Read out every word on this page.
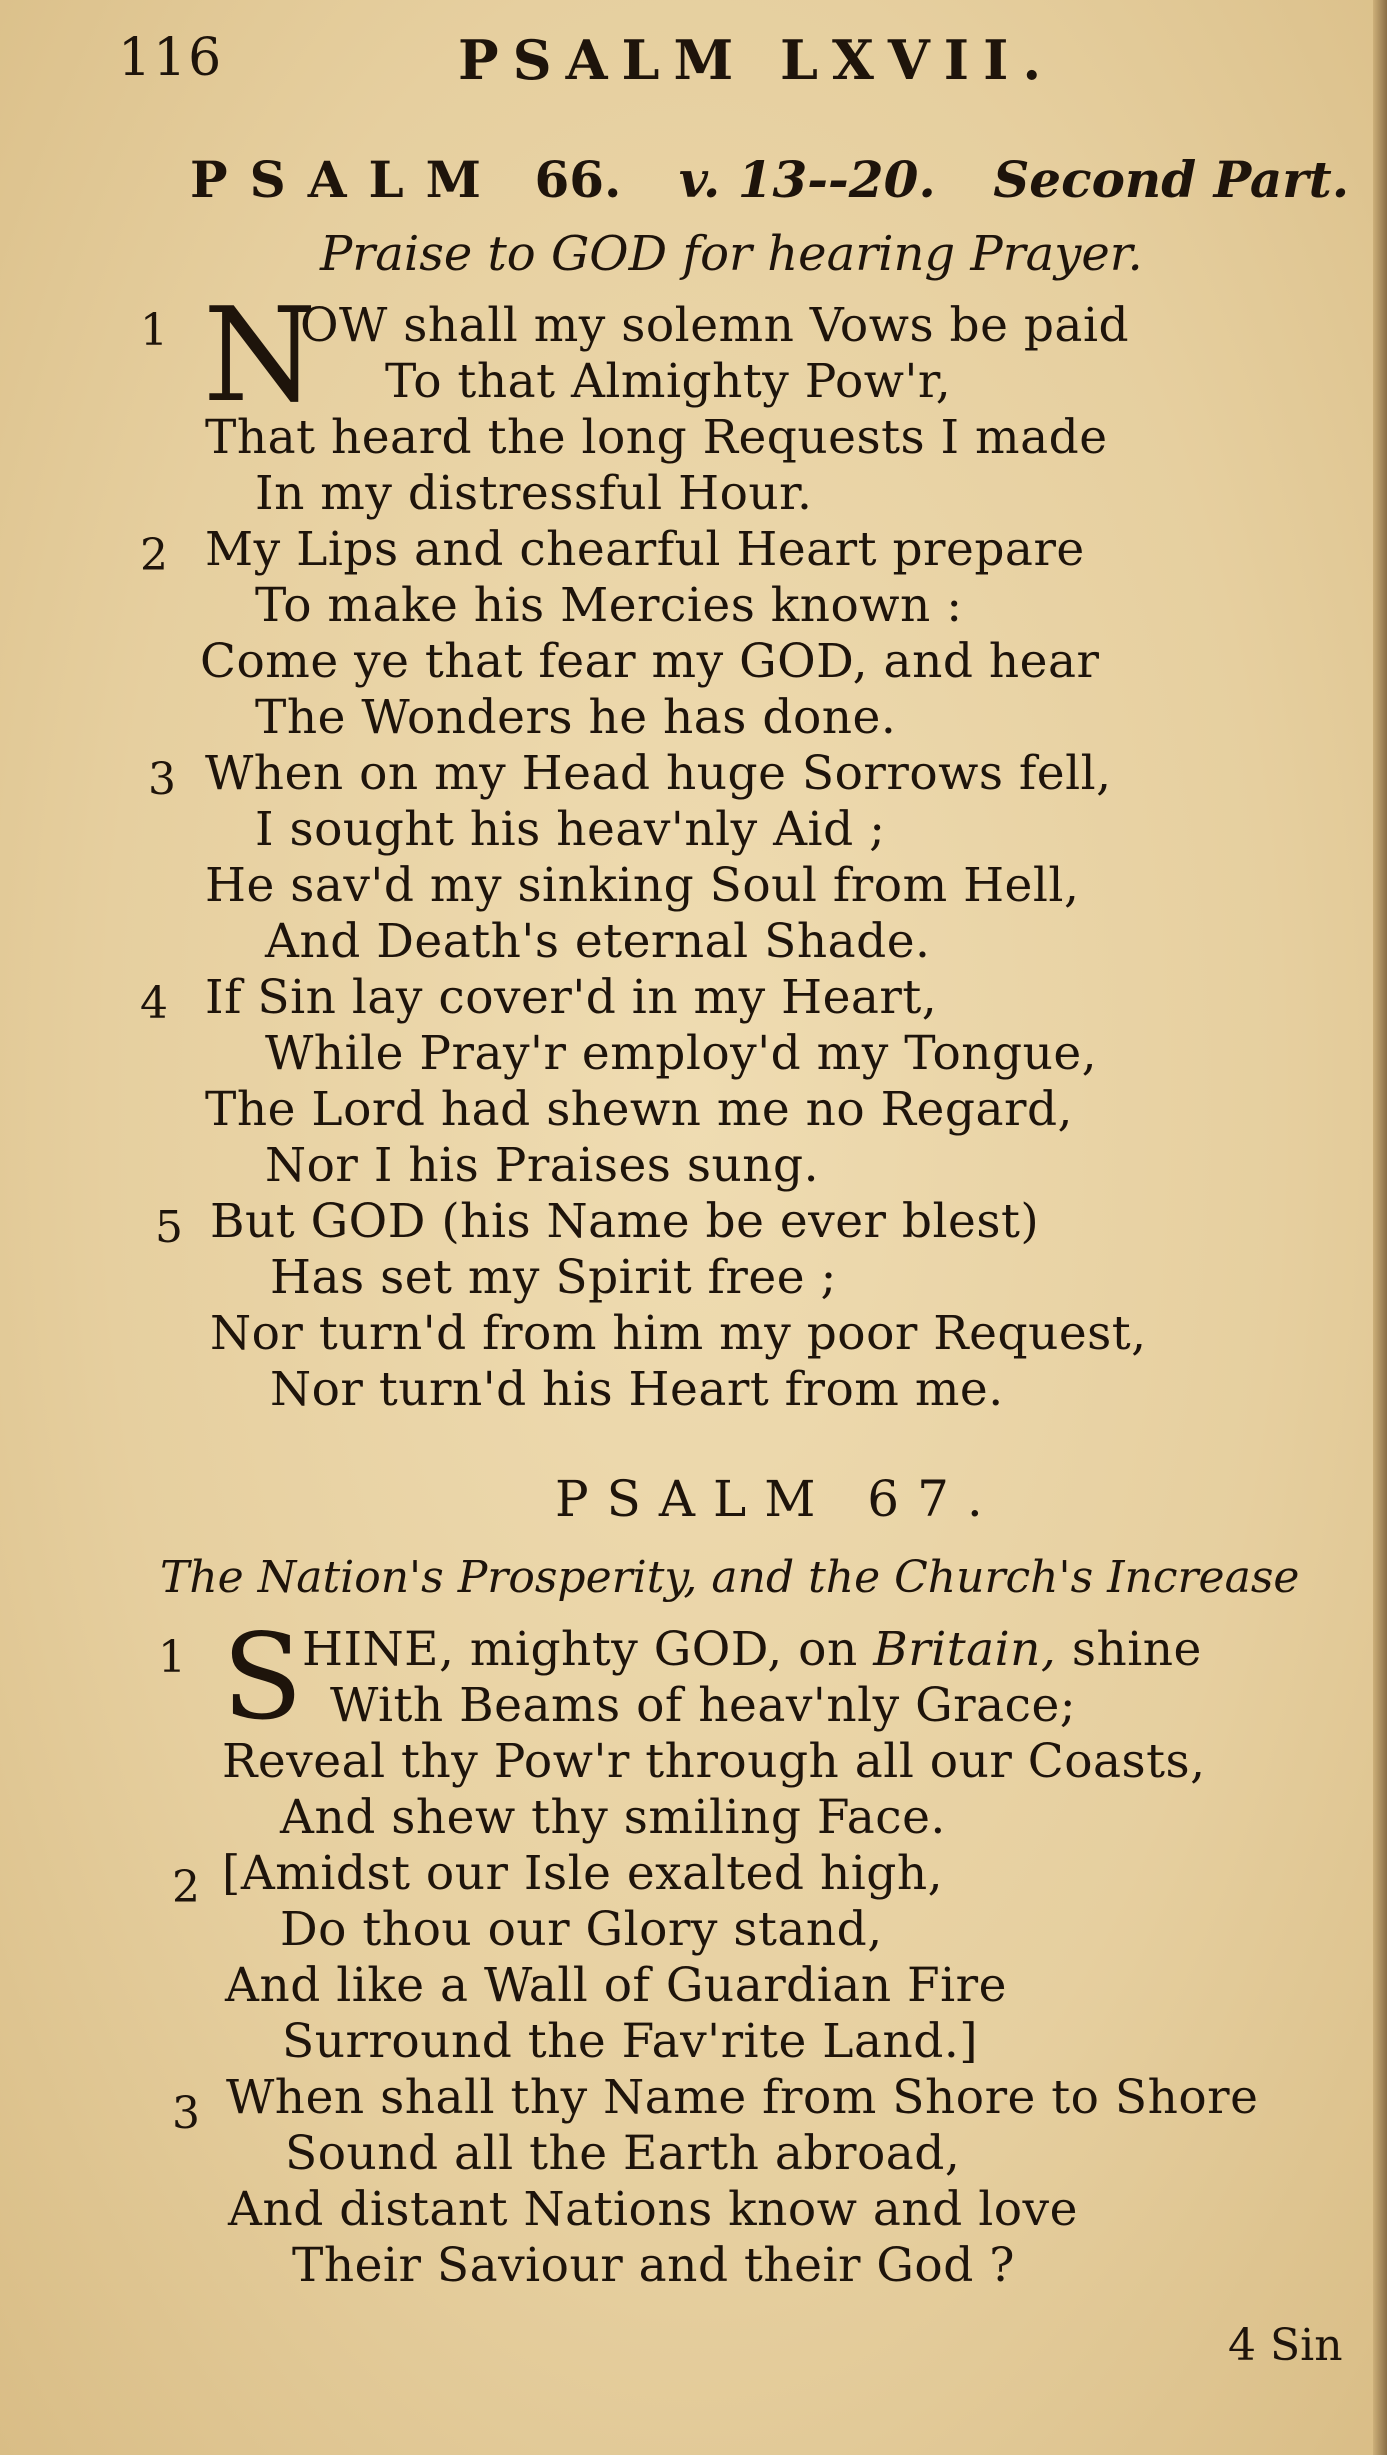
116	PSALM LXVII.
PSALM 66. v. 13--20. Second Part.
Praise to GOD for hearing Prayer.
1 N
OW shall my solemn Vows be paid
To that Almighty Pow'r,
That heard the long Requests I made
In my distressful Hour.
2 My Lips and chearful Heart prepare
To make his Mercies known :
Come ye that fear my GOD, and hear
The Wonders he has done.
3 When on my Head huge Sorrows fell,
I sought his heav'nly Aid ;
He sav'd my sinking Soul from Hell,
And Death's eternal Shade.
4 If Sin lay cover'd in my Heart,
While Pray'r employ'd my Tongue,
The Lord had shewn me no Regard,
Nor I his Praises sung.
5 But GOD (his Name be ever blest)
Has set my Spirit free ;
Nor turn'd from him my poor Request,
Nor turn'd his Heart from me.
PSALM 67.
The Nation's Prosperity, and the Church's Increase
1 S HINE, mighty GOD, on Britain, shine
With Beams of heav'nly Grace;
Reveal thy Pow'r through all our Coasts,
And shew thy smiling Face.
2 [Amidst our Isle exalted high,
Do thou our Glory stand,
And like a Wall of Guardian Fire
Surround the Fav'rite Land.]
3 When shall thy Name from Shore to Shore
Sound all the Earth abroad,
And distant Nations know and love
Their Saviour and their God ?
4 Sin
